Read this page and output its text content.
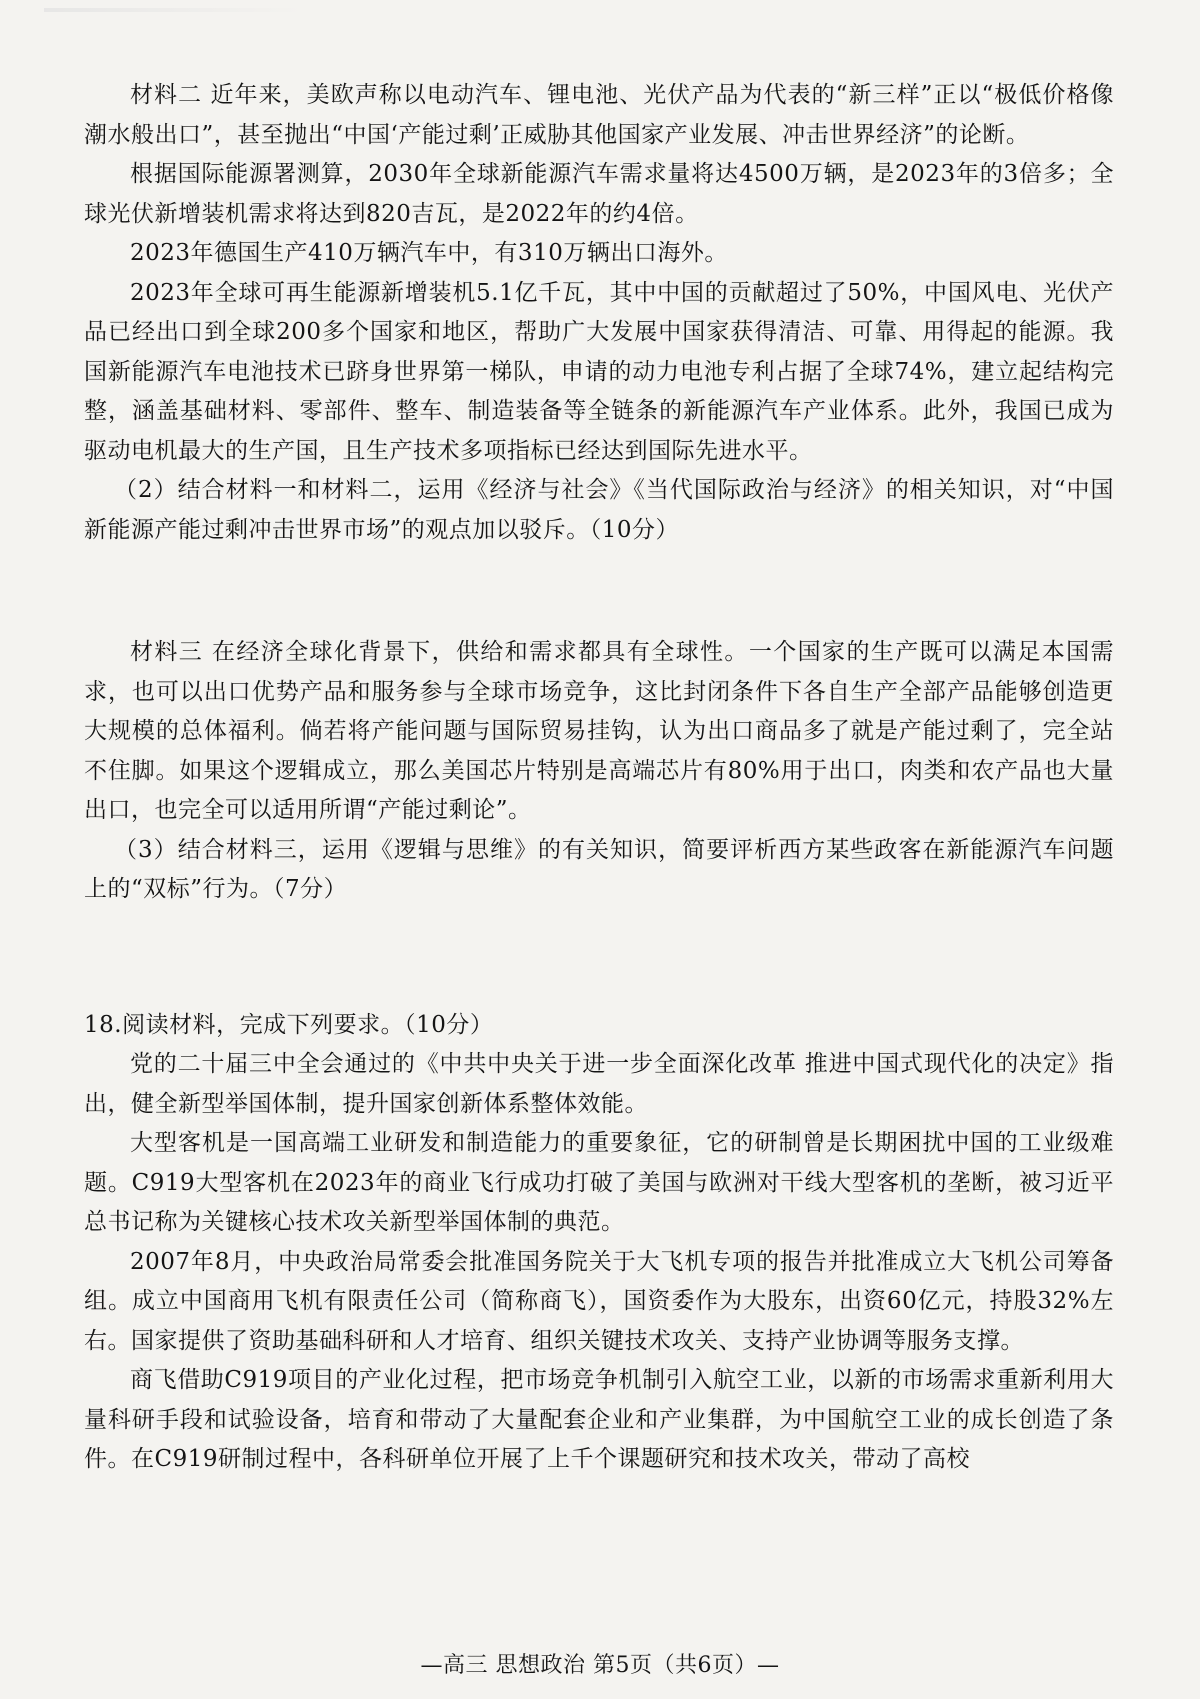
材料二 近年来，美欧声称以电动汽车、锂电池、光伏产品为代表的“新三样”正以“极低价格像潮水般出口”，甚至抛出“中国‘产能过剩’正威胁其他国家产业发展、冲击世界经济”的论断。

根据国际能源署测算，2030年全球新能源汽车需求量将达4500万辆，是2023年的3倍多；全球光伏新增装机需求将达到820吉瓦，是2022年的约4倍。

2023年德国生产410万辆汽车中，有310万辆出口海外。

2023年全球可再生能源新增装机5.1亿千瓦，其中中国的贡献超过了50%，中国风电、光伏产品已经出口到全球200多个国家和地区，帮助广大发展中国家获得清洁、可靠、用得起的能源。我国新能源汽车电池技术已跻身世界第一梯队，申请的动力电池专利占据了全球74%，建立起结构完整，涵盖基础材料、零部件、整车、制造装备等全链条的新能源汽车产业体系。此外，我国已成为驱动电机最大的生产国，且生产技术多项指标已经达到国际先进水平。

（2）结合材料一和材料二，运用《经济与社会》《当代国际政治与经济》的相关知识，对“中国新能源产能过剩冲击世界市场”的观点加以驳斥。（10分）

材料三 在经济全球化背景下，供给和需求都具有全球性。一个国家的生产既可以满足本国需求，也可以出口优势产品和服务参与全球市场竞争，这比封闭条件下各自生产全部产品能够创造更大规模的总体福利。倘若将产能问题与国际贸易挂钩，认为出口商品多了就是产能过剩了，完全站不住脚。如果这个逻辑成立，那么美国芯片特别是高端芯片有80%用于出口，肉类和农产品也大量出口，也完全可以适用所谓“产能过剩论”。

（3）结合材料三，运用《逻辑与思维》的有关知识，简要评析西方某些政客在新能源汽车问题上的“双标”行为。（7分）

18.阅读材料，完成下列要求。（10分）

党的二十届三中全会通过的《中共中央关于进一步全面深化改革 推进中国式现代化的决定》指出，健全新型举国体制，提升国家创新体系整体效能。

大型客机是一国高端工业研发和制造能力的重要象征，它的研制曾是长期困扰中国的工业级难题。C919大型客机在2023年的商业飞行成功打破了美国与欧洲对干线大型客机的垄断，被习近平总书记称为关键核心技术攻关新型举国体制的典范。

2007年8月，中央政治局常委会批准国务院关于大飞机专项的报告并批准成立大飞机公司筹备组。成立中国商用飞机有限责任公司（简称商飞），国资委作为大股东，出资60亿元，持股32%左右。国家提供了资助基础科研和人才培育、组织关键技术攻关、支持产业协调等服务支撑。

商飞借助C919项目的产业化过程，把市场竞争机制引入航空工业，以新的市场需求重新利用大量科研手段和试验设备，培育和带动了大量配套企业和产业集群，为中国航空工业的成长创造了条件。在C919研制过程中，各科研单位开展了上千个课题研究和技术攻关，带动了高校

—高三 思想政治 第5页（共6页）—
